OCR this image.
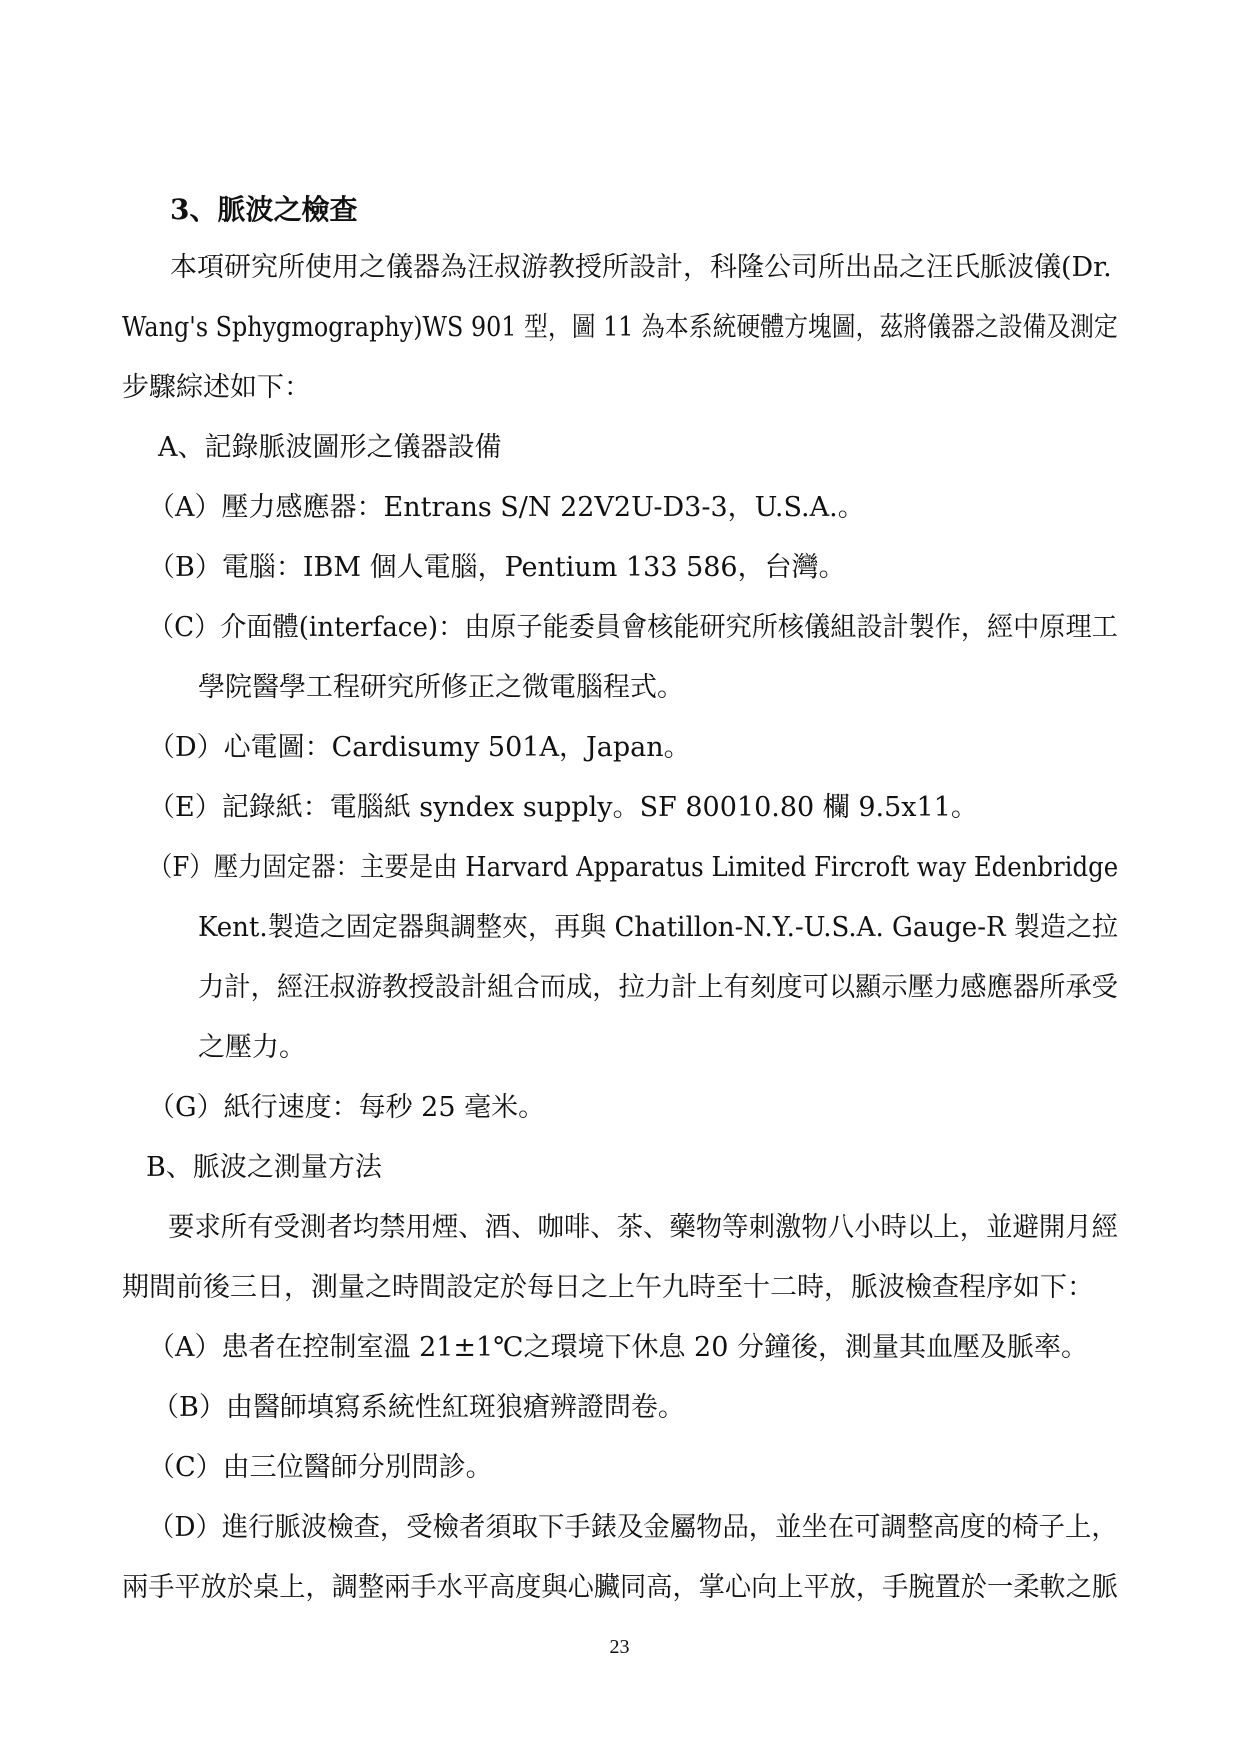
3、脈波之檢查
本項研究所使用之儀器為汪叔游教授所設計，科隆公司所出品之汪氏脈波儀(Dr.
Wang's Sphygmography)WS 901 型，圖 11 為本系統硬體方塊圖，茲將儀器之設備及測定
步驟綜述如下：
A、記錄脈波圖形之儀器設備
（A）壓力感應器：Entrans S/N 22V2U-D3-3，U.S.A.。
（B）電腦：IBM 個人電腦，Pentium 133 586，台灣。
（C）介面體(interface)：由原子能委員會核能研究所核儀組設計製作，經中原理工
學院醫學工程研究所修正之微電腦程式。
（D）心電圖：Cardisumy 501A，Japan。
（E）記錄紙：電腦紙 syndex supply。SF 80010.80 欄 9.5x11。
（F）壓力固定器：主要是由 Harvard Apparatus Limited Fircroft way Edenbridge
Kent.製造之固定器與調整夾，再與 Chatillon-N.Y.-U.S.A. Gauge-R 製造之拉
力計，經汪叔游教授設計組合而成，拉力計上有刻度可以顯示壓力感應器所承受
之壓力。
（G）紙行速度：每秒 25 毫米。
B、脈波之測量方法
要求所有受測者均禁用煙、酒、咖啡、茶、藥物等刺激物八小時以上，並避開月經
期間前後三日，測量之時間設定於每日之上午九時至十二時，脈波檢查程序如下：
（A）患者在控制室溫 21±1℃之環境下休息 20 分鐘後，測量其血壓及脈率。
（B）由醫師填寫系統性紅斑狼瘡辨證問卷。
（C）由三位醫師分別問診。
（D）進行脈波檢查，受檢者須取下手錶及金屬物品，並坐在可調整高度的椅子上，
兩手平放於桌上，調整兩手水平高度與心臟同高，掌心向上平放，手腕置於一柔軟之脈
23
